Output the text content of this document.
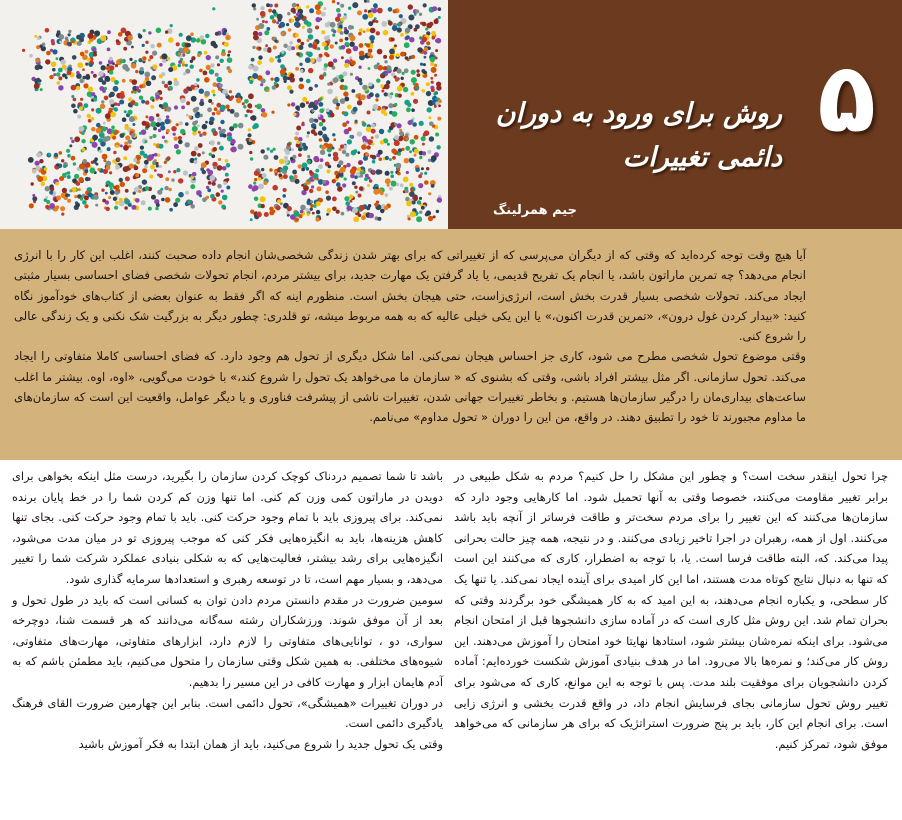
۵
روش برای ورود به دوران دائمی تغییرات
جیم همرلینگ

آیا هیچ وقت توجه کرده‌اید که وقتی که از دیگران می‌پرسی که از تغییراتی که برای بهتر شدن زندگی شخصی‌شان انجام داده صحبت کنند، اغلب این کار را با انرژی انجام می‌دهد؟ چه تمرین ماراتون باشد، یا انجام یک تفریح قدیمی، یا یاد گرفتن یک مهارت جدید، برای بیشتر مردم، انجام تحولات شخصی فضای احساسی بسیار مثبتی ایجاد می‌کند. تحولات شخصی بسیار قدرت بخش است، انرژی‌زاست، حتی هیجان بخش است. منظورم اینه که اگر فقط به عنوان بعضی از کتاب‌های خودآموز نگاه کنید: «بیدار کردن غول درون»، «تمرین قدرت اکنون،» یا این یکی خیلی عالیه که به همه مربوط میشه، تو قلدری: چطور دیگر به بزرگیت شک نکنی و یک زندگی عالی را شروع کنی.

وقتی موضوع تحول شخصی مطرح می شود، کاری جز احساس هیجان نمی‌کنی. اما شکل دیگری از تحول هم وجود دارد. که فضای احساسی کاملا متفاوتی را ایجاد می‌کند. تحول سازمانی. اگر مثل بیشتر افراد باشی، وقتی که بشنوی که « سازمان ما می‌خواهد یک تحول را شروع کند،» با خودت می‌گویی، «اوه، اوه. بیشتر ما اغلب ساعت‌های بیداری‌مان را درگیر سازمان‌ها هستیم. و بخاطر تغییرات جهانی شدن، تغییرات ناشی از پیشرفت فناوری و یا دیگر عوامل، واقعیت این است که سازمان‌های ما مداوم مجبورند تا خود را تطبیق دهند. در واقع، من این را دوران « تحول مداوم» می‌نامم.

چرا تحول اینقدر سخت است؟ و چطور این مشکل را حل کنیم؟ مردم به شکل طبیعی در برابر تغییر مقاومت می‌کنند، خصوصا وقتی به آنها تحمیل شود. اما کارهایی وجود دارد که سازمان‌ها می‌کنند که این تغییر را برای مردم سخت‌تر و طاقت فرساتر از آنچه باید باشد می‌کنند. اول از همه، رهبران در اجرا تاخیر زیادی می‌کنند. و در نتیجه، همه چیز حالت بحرانی پیدا می‌کند. که، البته طاقت فرسا است. یا، با توجه به اضطرار، کاری که می‌کنند این است که تنها به دنبال نتایج کوتاه مدت هستند، اما این کار امیدی برای آینده ایجاد نمی‌کند. یا تنها یک کار سطحی، و یکباره انجام می‌دهند، به این امید که به کار همیشگی خود برگردند وقتی که بحران تمام شد. این روش مثل کاری است که در آماده سازی دانشجوها قبل از امتحان انجام می‌شود. برای اینکه نمره‌شان بیشتر شود، استادها نهایتا خود امتحان را آموزش می‌دهند. این روش کار می‌کند؛ و نمره‌ها بالا می‌رود. اما در هدف بنیادی آموزش شکست خورده‌ایم: آماده کردن دانشجویان برای موفقیت بلند مدت. پس با توجه به این موانع، کاری که می‌شود برای تغییر روش تحول سازمانی بجای فرسایش انجام داد، در واقع قدرت بخشی و انرژی زایی است. برای انجام این کار، باید بر پنج ضرورت استراتژیک که برای هر سازمانی که می‌خواهد موفق شود، تمرکز کنیم.

باشد تا شما تصمیم دردناک کوچک کردن سازمان را بگیرید، درست مثل اینکه بخواهی برای دویدن در ماراتون کمی وزن کم کنی. اما تنها وزن کم کردن شما را در خط پایان برنده نمی‌کند. برای پیروزی باید با تمام وجود حرکت کنی. باید با تمام وجود حرکت کنی. بجای تنها کاهش هزینه‌ها، باید به انگیزه‌هایی فکر کنی که موجب پیروزی تو در میان مدت می‌شود، انگیزه‌هایی برای رشد بیشتر، فعالیت‌هایی که به شکلی بنیادی عملکرد شرکت شما را تغییر می‌دهد، و بسیار مهم است، تا در توسعه رهبری و استعدادها سرمایه گذاری شود.

سومین ضرورت در مقدم دانستن مردم دادن توان به کسانی است که باید در طول تحول و بعد از آن موفق شوند. ورزشکاران رشته سه‌گانه می‌دانند که هر قسمت شنا، دوچرخه سواری، دو ، توانایی‌های متفاوتی را لازم دارد، ابزارهای متفاوتی، مهارت‌های متفاوتی، شیوه‌های مختلفی. به همین شکل وقتی سازمان را متحول می‌کنیم، باید مطمئن باشم که به آدم هایمان ابزار و مهارت کافی در این مسیر را بدهیم.

در دوران تغییرات «همیشگی»، تحول دائمی است. بنابر این چهارمین ضرورت القای فرهنگ یادگیری دائمی است.

وقتی یک تحول جدید را شروع می‌کنید، باید از همان ابتدا به فکر آموزش باشید
